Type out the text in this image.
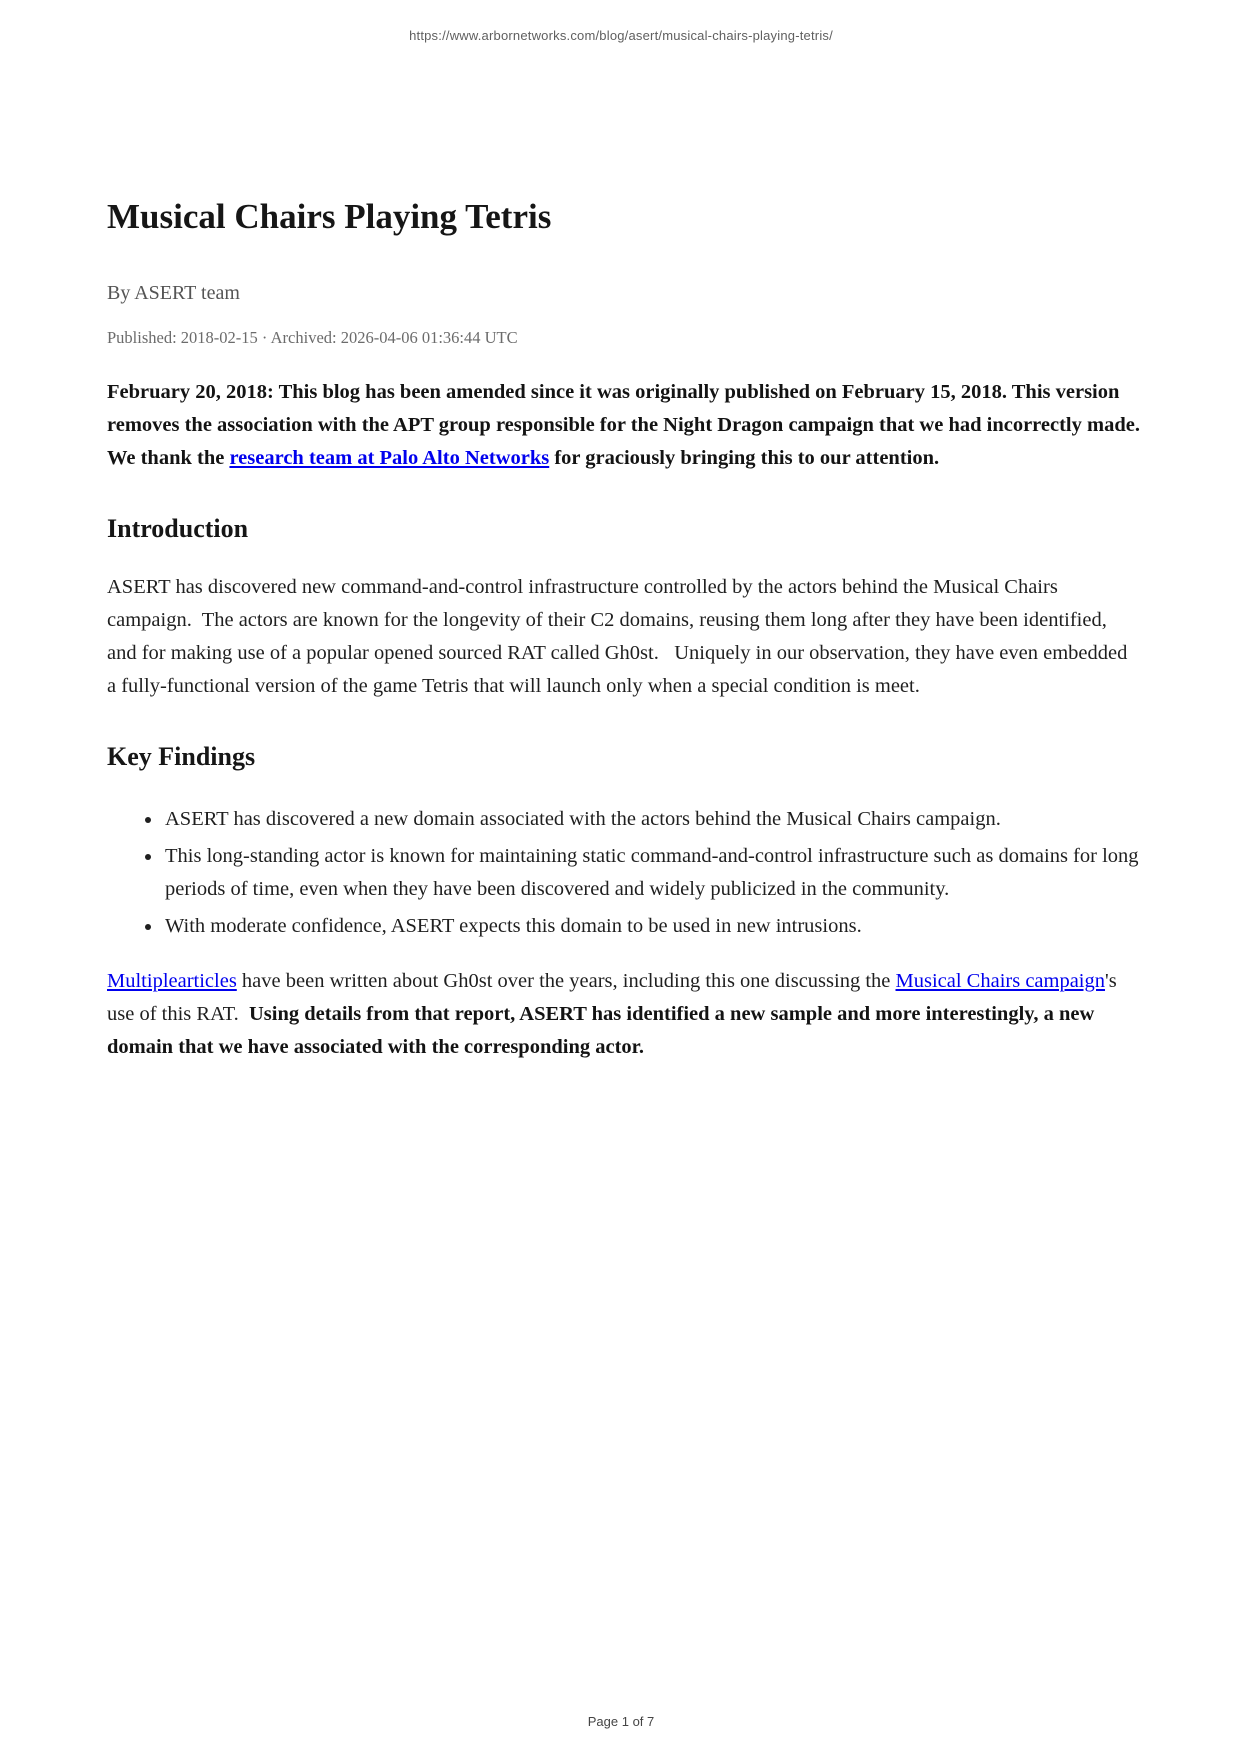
https://www.arbornetworks.com/blog/asert/musical-chairs-playing-tetris/
Musical Chairs Playing Tetris
By ASERT team
Published: 2018-02-15 · Archived: 2026-04-06 01:36:44 UTC

February 20, 2018: This blog has been amended since it was originally published on February 15, 2018. This version removes the association with the APT group responsible for the Night Dragon campaign that we had incorrectly made. We thank the research team at Palo Alto Networks for graciously bringing this to our attention.

Introduction

ASERT has discovered new command-and-control infrastructure controlled by the actors behind the Musical Chairs campaign.  The actors are known for the longevity of their C2 domains, reusing them long after they have been identified, and for making use of a popular opened sourced RAT called Gh0st.   Uniquely in our observation, they have even embedded a fully-functional version of the game Tetris that will launch only when a special condition is meet.

Key Findings
• ASERT has discovered a new domain associated with the actors behind the Musical Chairs campaign.
• This long-standing actor is known for maintaining static command-and-control infrastructure such as domains for long periods of time, even when they have been discovered and widely publicized in the community.
• With moderate confidence, ASERT expects this domain to be used in new intrusions.

Multiplearticles have been written about Gh0st over the years, including this one discussing the Musical Chairs campaign's use of this RAT.  Using details from that report, ASERT has identified a new sample and more interestingly, a new domain that we have associated with the corresponding actor.

Page 1 of 7
